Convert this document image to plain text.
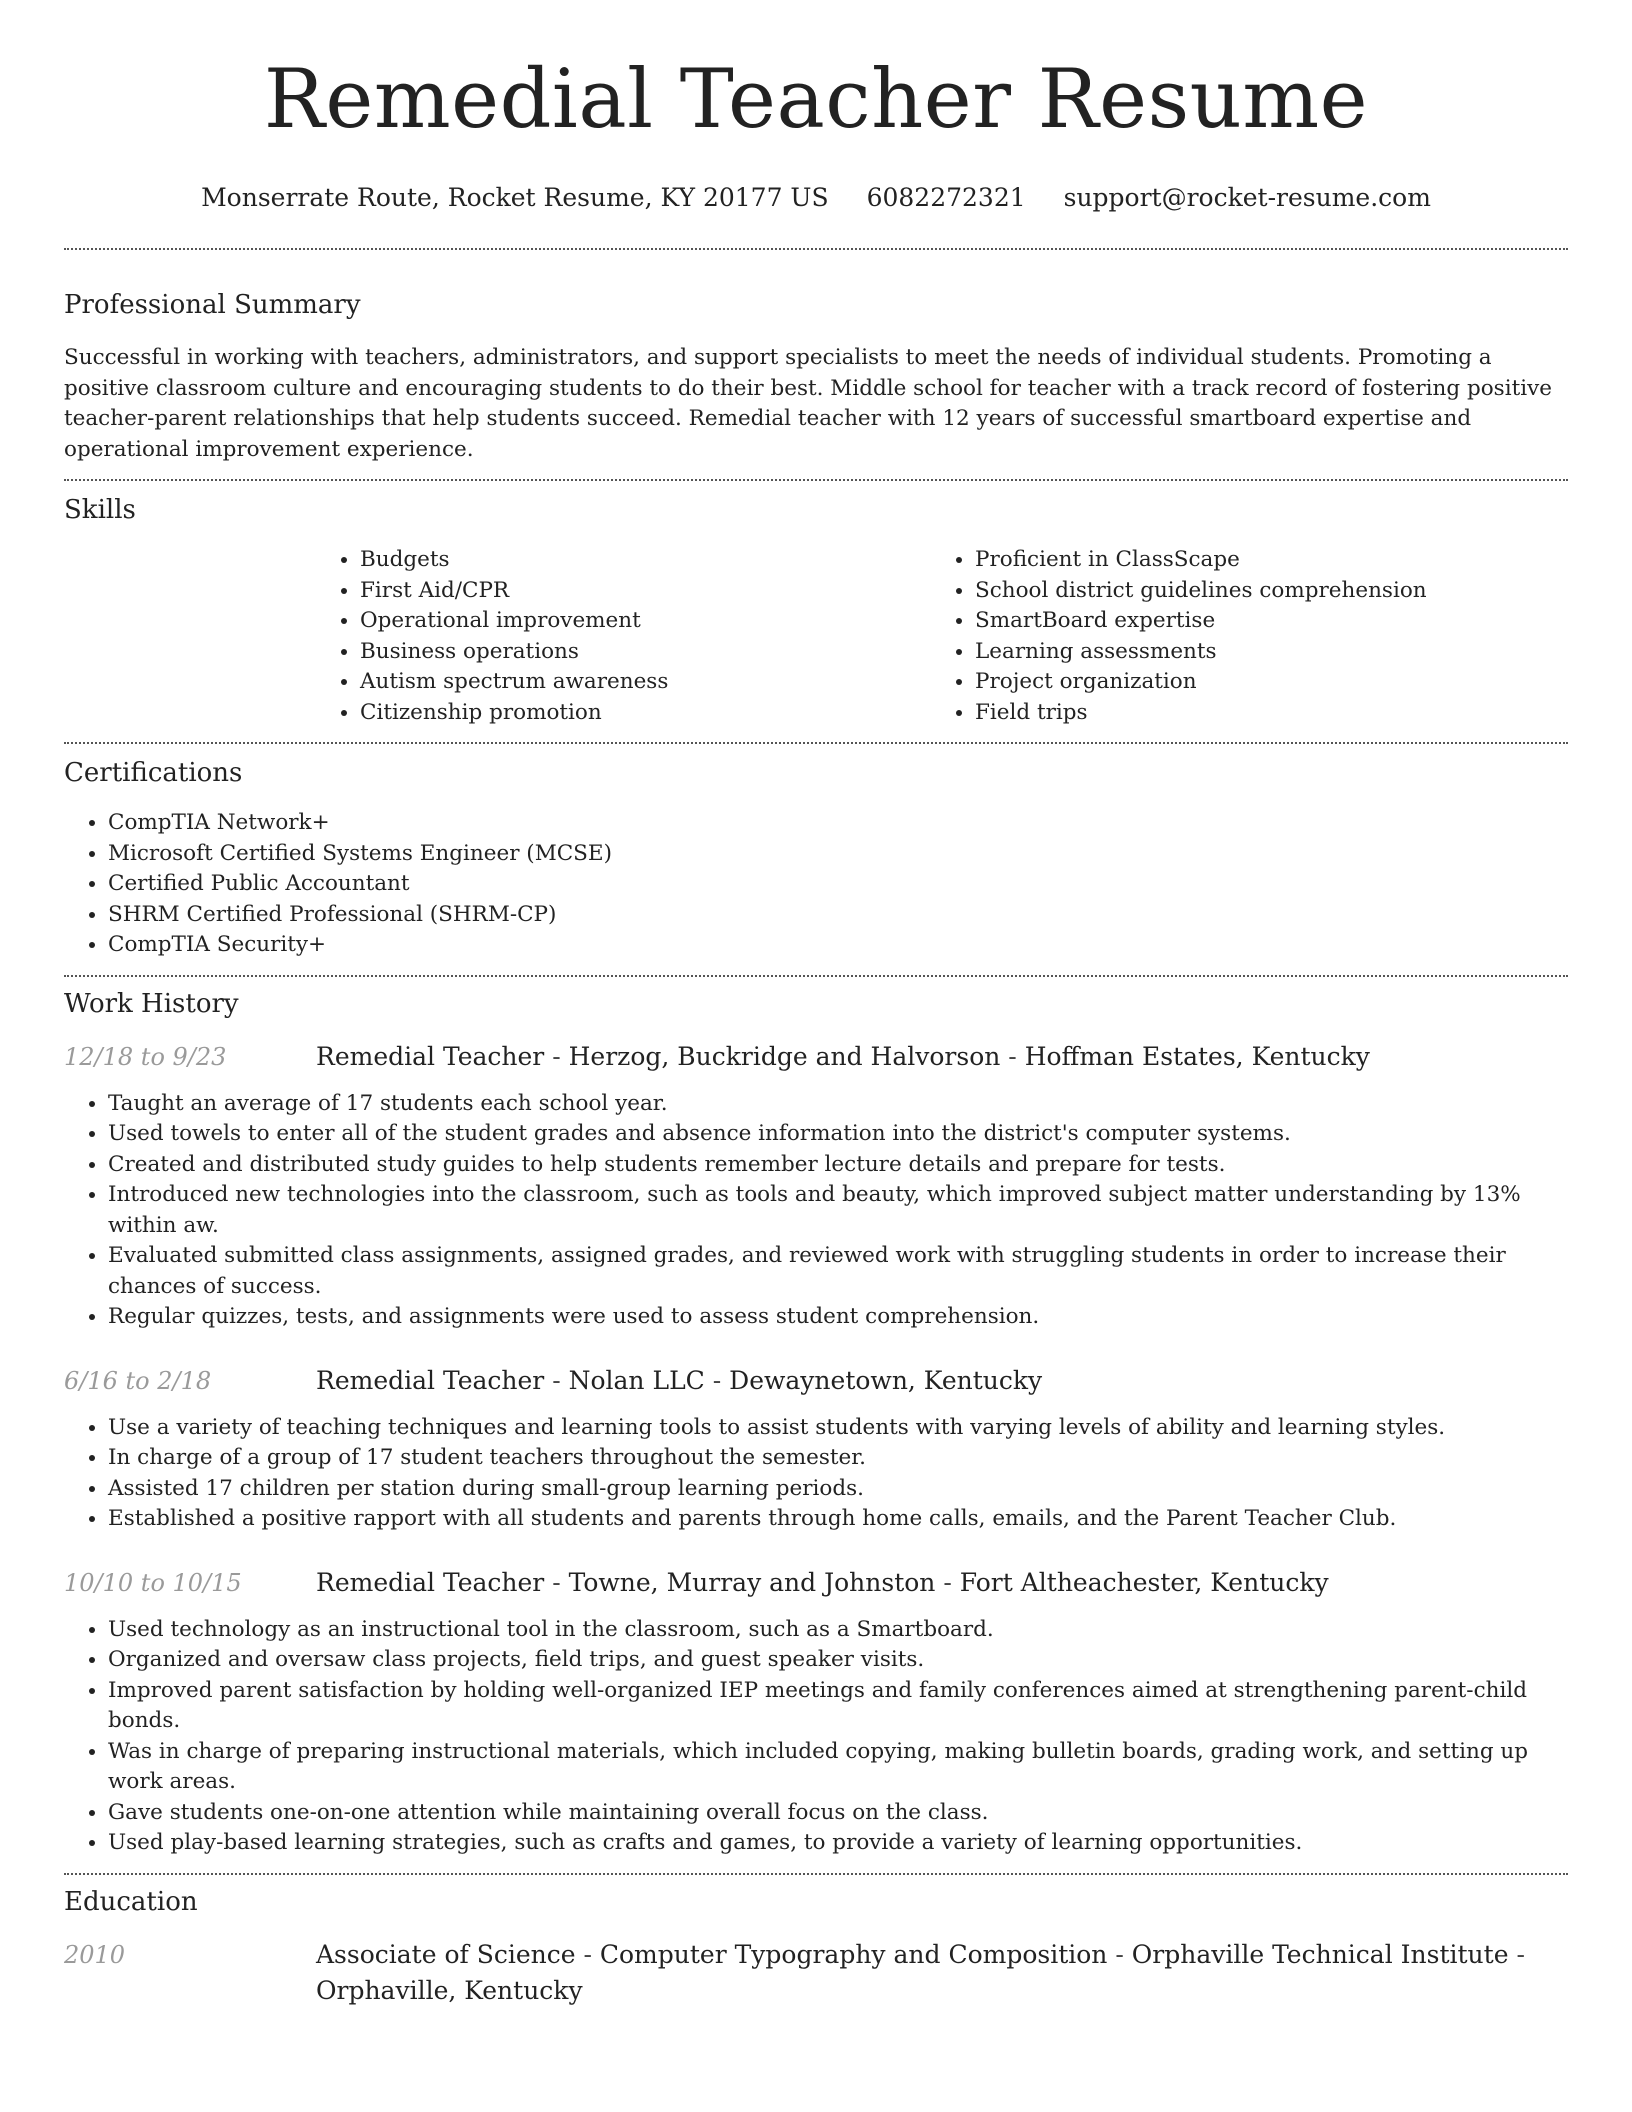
Remedial Teacher Resume
Monserrate Route, Rocket Resume, KY 20177 US 6082272321 support@rocket-resume.com
Professional Summary

Successful in working with teachers, administrators, and support specialists to meet the needs of individual students. Promoting a positive classroom culture and encouraging students to do their best. Middle school for teacher with a track record of fostering positive teacher-parent relationships that help students succeed. Remedial teacher with 12 years of successful smartboard expertise and operational improvement experience.

Skills
• Budgets
• First Aid/CPR
• Operational improvement
• Business operations
• Autism spectrum awareness
• Citizenship promotion
• Proficient in ClassScape
• School district guidelines comprehension
• SmartBoard expertise
• Learning assessments
• Project organization
• Field trips
Certifications
• CompTIA Network+
• Microsoft Certified Systems Engineer (MCSE)
• Certified Public Accountant
• SHRM Certified Professional (SHRM-CP)
• CompTIA Security+
Work History
12/18 to 9/23	Remedial Teacher - Herzog, Buckridge and Halvorson - Hoffman Estates, Kentucky
• Taught an average of 17 students each school year.
• Used towels to enter all of the student grades and absence information into the district's computer systems.
• Created and distributed study guides to help students remember lecture details and prepare for tests.
• Introduced new technologies into the classroom, such as tools and beauty, which improved subject matter understanding by 13% within aw.
• Evaluated submitted class assignments, assigned grades, and reviewed work with struggling students in order to increase their chances of success.
• Regular quizzes, tests, and assignments were used to assess student comprehension.
6/16 to 2/18	Remedial Teacher - Nolan LLC - Dewaynetown, Kentucky
• Use a variety of teaching techniques and learning tools to assist students with varying levels of ability and learning styles.
• In charge of a group of 17 student teachers throughout the semester.
• Assisted 17 children per station during small-group learning periods.
• Established a positive rapport with all students and parents through home calls, emails, and the Parent Teacher Club.
10/10 to 10/15	Remedial Teacher - Towne, Murray and Johnston - Fort Altheachester, Kentucky
• Used technology as an instructional tool in the classroom, such as a Smartboard.
• Organized and oversaw class projects, field trips, and guest speaker visits.
• Improved parent satisfaction by holding well-organized IEP meetings and family conferences aimed at strengthening parent-child bonds.
• Was in charge of preparing instructional materials, which included copying, making bulletin boards, grading work, and setting up work areas.
• Gave students one-on-one attention while maintaining overall focus on the class.
• Used play-based learning strategies, such as crafts and games, to provide a variety of learning opportunities.
Education
2010	Associate of Science - Computer Typography and Composition - Orphaville Technical Institute - Orphaville, Kentucky
